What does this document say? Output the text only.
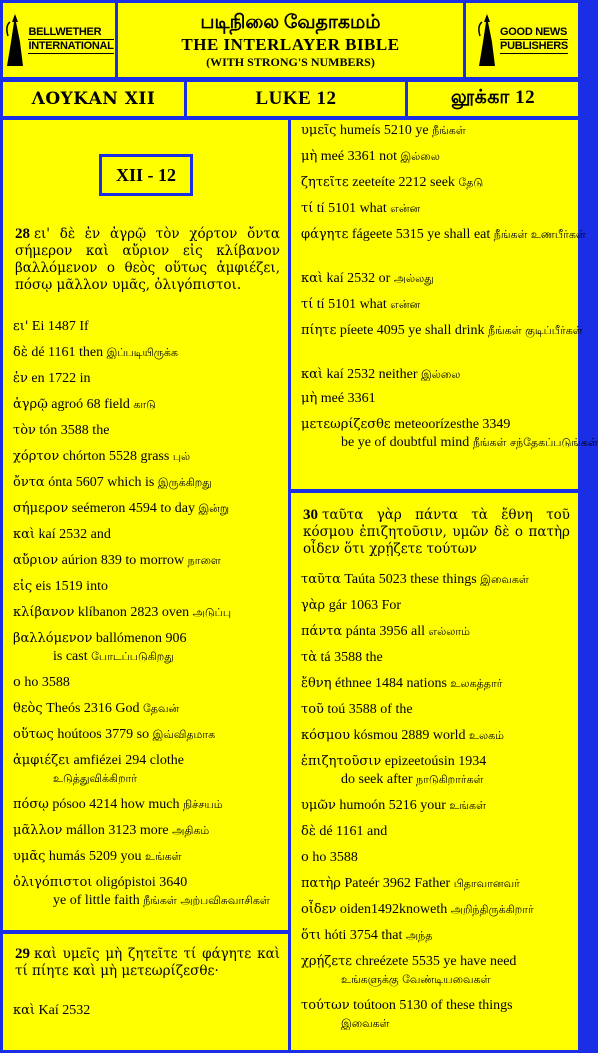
BELLWETHER
INTERNATIONAL
படிநிலை வேதாகமம்
THE INTERLAYER BIBLE
(WITH STRONG'S NUMBERS)
GOOD NEWS
PUBLISHERS
ΛΟΥΚΑΝ XII	LUKE 12	லூக்கா 12
XII - 12
28 ει' δὲ ἐν ἀγρῷ τὸν χόρτον ὄντα σήμερον καὶ αὔριον εἰς κλίβανον βαλλόμενον ο θεὸς οὕτως ἀμφιέζει, πόσῳ μᾶλλον υμᾶς, ὀλιγόπιστοι.
ει' Ei 1487 If
δὲ dé 1161 then இப்படியிருக்க
ἐν en 1722 in
ἀγρῷ agroó 68 field காடு
τὸν tón 3588 the
χόρτον chórton 5528 grass புல்
ὄντα ónta 5607 which is இருக்கிறது
σήμερον seémeron 4594 to day இன்று
καὶ kaí 2532 and
αὔριον aúrion 839 to morrow நாளை
εἰς eis 1519 into
κλίβανον klíbanon 2823 oven அடுப்பு
βαλλόμενον ballómenon 906
is cast போடப்படுகிறது
ο ho 3588
θεὸς Theós 2316 God தேவன்
οὕτως hoútoos 3779 so இவ்விதமாக
ἀμφιέζει amfiézei 294 clothe
உடுத்துவிக்கிறார்
πόσῳ pósoo 4214 how much நிச்சயம்
μᾶλλον mállon 3123 more அதிகம்
υμᾶς humás 5209 you உங்கள்
ὀλιγόπιστοι oligópistoi 3640
ye of little faith நீங்கள் அற்பவிசுவாசிகள்
29 καὶ υμεῖς μὴ ζητεῖτε τί φάγητε καὶ τί πίητε καὶ μὴ μετεωρίζεσθε·
καὶ Kaí 2532
υμεῖς humeís 5210 ye நீங்கள்
μὴ meé 3361 not இல்லை
ζητεῖτε zeeteíte 2212 seek தேடு
τί tí 5101 what என்ன
φάγητε fágeete 5315 ye shall eat நீங்கள் உணபீர்கள்
καὶ kaí 2532 or அல்லது
τί tí 5101 what என்ன
πίητε píeete 4095 ye shall drink நீங்கள் குடிப்பீர்கள்
καὶ kaí 2532 neither இல்லை
μὴ meé 3361
μετεωρίζεσθε meteoorízesthe 3349
be ye of doubtful mind நீங்கள் சந்தேகப்படுங்கள்
30 ταῦτα γὰρ πάντα τὰ ἔθνη τοῦ κόσμου ἐπιζητοῦσιν, υμῶν δὲ ο πατὴρ οἶδεν ὅτι χρῄζετε τούτων
ταῦτα Taúta 5023 these things இவைகள்
γὰρ gár 1063 For
πάντα pánta 3956 all எல்லாம்
τὰ tá 3588 the
ἔθνη éthnee 1484 nations உலகத்தார்
τοῦ toú 3588 of the
κόσμου kósmou 2889 world உலகம்
ἐπιζητοῦσιν epizeetoúsin 1934
do seek after நாடுகிறார்கள்
υμῶν humoón 5216 your உங்கள்
δὲ dé 1161 and
ο ho 3588
πατὴρ Pateér 3962 Father பிதாவானவர்
οἶδεν oiden1492knoweth அறிந்திருக்கிறார்
ὅτι hóti 3754 that அந்த
χρῄζετε chreézete 5535 ye have need
உங்களுக்கு வேண்டியவைகள்
τούτων toútoon 5130 of these things
இவைகள்
